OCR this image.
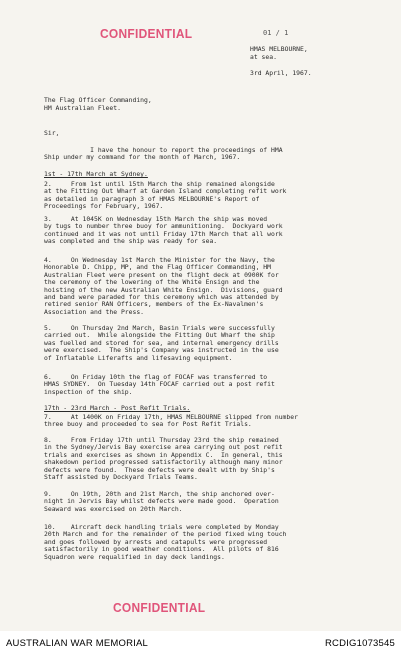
CONFIDENTIAL	01 / 1
HMAS MELBOURNE,
at sea.
3rd April, 1967.
The Flag Officer Commanding,
HM Australian Fleet.
Sir,
I have the honour to report the proceedings of HMA
Ship under my command for the month of March, 1967.
1st - 17th March at Sydney.
2.     From 1st until 15th March the ship remained alongside
at the Fitting Out Wharf at Garden Island completing refit work
as detailed in paragraph 3 of HMAS MELBOURNE's Report of
Proceedings for February, 1967.
3.     At 1045K on Wednesday 15th March the ship was moved
by tugs to number three buoy for ammunitioning.  Dockyard work
continued and it was not until Friday 17th March that all work
was completed and the ship was ready for sea.
4.     On Wednesday 1st March the Minister for the Navy, the
Honorable D. Chipp, MP, and the Flag Officer Commanding, HM
Australian Fleet were present on the flight deck at 0900K for
the ceremony of the lowering of the White Ensign and the
hoisting of the new Australian White Ensign.  Divisions, guard
and band were paraded for this ceremony which was attended by
retired senior RAN Officers, members of the Ex-Navalmen's
Association and the Press.
5.     On Thursday 2nd March, Basin Trials were successfully
carried out.  While alongside the Fitting Out Wharf the ship
was fuelled and stored for sea, and internal emergency drills
were exercised.  The Ship's Company was instructed in the use
of Inflatable Liferafts and lifesaving equipment.
6.     On Friday 10th the flag of FOCAF was transferred to
HMAS SYDNEY.  On Tuesday 14th FOCAF carried out a post refit
inspection of the ship.
17th - 23rd March - Post Refit Trials.
7.     At 1400K on Friday 17th, HMAS MELBOURNE slipped from number
three buoy and proceeded to sea for Post Refit Trials.
8.     From Friday 17th until Thursday 23rd the ship remained
in the Sydney/Jervis Bay exercise area carrying out post refit
trials and exercises as shown in Appendix C.  In general, this
shakedown period progressed satisfactorily although many minor
defects were found.  These defects were dealt with by Ship's
Staff assisted by Dockyard Trials Teams.
9.     On 19th, 20th and 21st March, the ship anchored over-
night in Jervis Bay whilst defects were made good.  Operation
Seaward was exercised on 20th March.
10.    Aircraft deck handling trials were completed by Monday
20th March and for the remainder of the period fixed wing touch
and goes followed by arrests and catapults were progressed
satisfactorily in good weather conditions.  All pilots of 816
Squadron were requalified in day deck landings.
CONFIDENTIAL
AUSTRALIAN WAR MEMORIAL	RCDIG1073545
